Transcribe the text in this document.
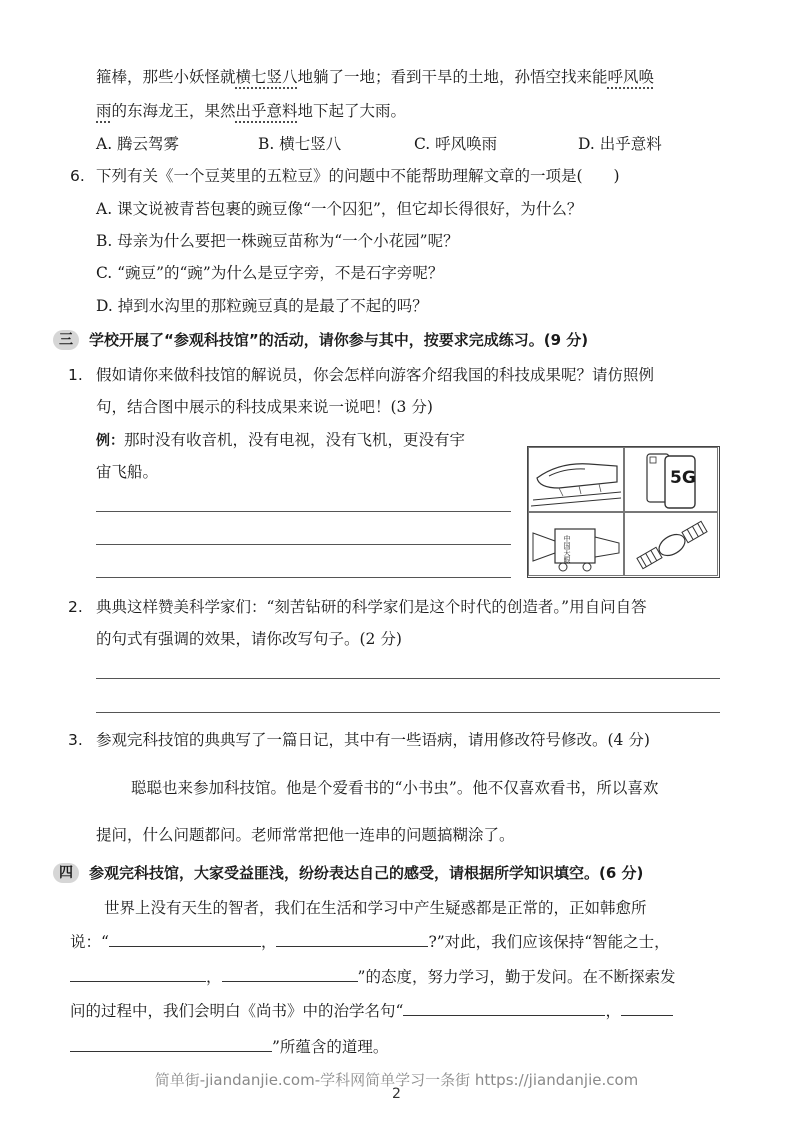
箍棒，那些小妖怪就横七竖八地躺了一地；看到干旱的土地，孙悟空找来能呼风唤
雨的东海龙王，果然出乎意料地下起了大雨。
A. 腾云驾雾	B. 横七竖八	C. 呼风唤雨	D. 出乎意料
6. 下列有关《一个豆荚里的五粒豆》的问题中不能帮助理解文章的一项是(　　)
A. 课文说被青苔包裹的豌豆像“一个囚犯”，但它却长得很好，为什么？
B. 母亲为什么要把一株豌豆苗称为“一个小花园”呢？
C. “豌豆”的“豌”为什么是豆字旁，不是石字旁呢？
D. 掉到水沟里的那粒豌豆真的是最了不起的吗？
三	学校开展了“参观科技馆”的活动，请你参与其中，按要求完成练习。(9 分)
1. 假如请你来做科技馆的解说员，你会怎样向游客介绍我国的科技成果呢？请仿照例
句，结合图中展示的科技成果来说一说吧！(3 分)
例：那时没有收音机，没有电视，没有飞机，更没有宇
宙飞船。	5G
中国天眼
2. 典典这样赞美科学家们：“刻苦钻研的科学家们是这个时代的创造者。”用自问自答
的句式有强调的效果，请你改写句子。(2 分)
3. 参观完科技馆的典典写了一篇日记，其中有一些语病，请用修改符号修改。(4 分)
聪聪也来参加科技馆。他是个爱看书的“小书虫”。他不仅喜欢看书，所以喜欢
提问，什么问题都问。老师常常把他一连串的问题搞糊涂了。
四	参观完科技馆，大家受益匪浅，纷纷表达自己的感受，请根据所学知识填空。(6 分)
世界上没有天生的智者，我们在生活和学习中产生疑惑都是正常的，正如韩愈所
说：“	，	?”对此，我们应该保持“智能之士，
，	”的态度，努力学习，勤于发问。在不断探索发
问的过程中，我们会明白《尚书》中的治学名句“	，
”所蕴含的道理。
简单街-jiandanjie.com-学科网简单学习一条街 https://jiandanjie.com
2
